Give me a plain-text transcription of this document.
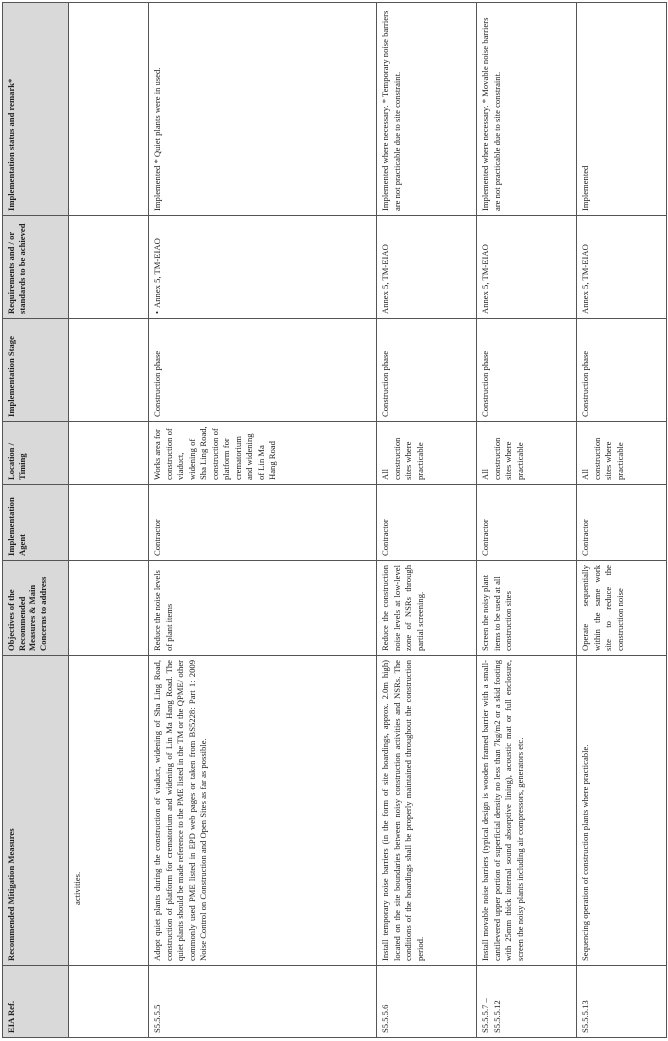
EIA Ref.	Recommended Mitigation Measures	Objectives of the Recommended Measures & Main Concerns to address	Implementation Agent	Location / Timing	Implementation Stage	Requirements and / or standards to be achieved	Implementation status and remark*
	activities.						
S5.5.5.5	Adopt quiet plants during the construction of viaduct, widening of Sha Ling Road, construction of platform for crematorium and widening of Lin Ma Hang Road. The quiet plants should be made reference to the PME listed in the TM or the QPME/ other commonly used PME listed in EPD web pages or taken from BS5228: Part 1: 2009 Noise Control on Construction and Open Sites as far as possible.	Reduce the noise levels of plant items	Contractor	Works area for construction of viaduct, widening of Sha Ling Road, construction of platform for crematorium and widening of Lin Ma Hang Road	Construction phase	• Annex 5, TM-EIAO	Implemented * Quiet plants were in used.
S5.5.5.6	Install temporary noise barriers (in the form of site hoardings, approx. 2.0m high) located on the site boundaries between noisy construction activities and NSRs. The conditions of the hoardings shall be properly maintained throughout the construction period.	Reduce the construction noise levels at low-level zone of NSRs through partial screening.	Contractor	All construction sites where practicable	Construction phase	Annex 5, TM-EIAO	Implemented where necessary. * Temporary noise barriers are not practicable due to site constraint.
S5.5.5.7 – S5.5.5.12	Install movable noise barriers (typical design is wooden framed barrier with a small-cantilevered upper portion of superficial density no less than 7kg/m2 or a skid footing with 25mm thick internal sound absorptive lining), acoustic mat or full enclosure, screen the noisy plants including air compressors, generators etc.	Screen the noisy plant items to be used at all construction sites	Contractor	All construction sites where practicable	Construction phase	Annex 5, TM-EIAO	Implemented where necessary. * Movable noise barriers are not practicable due to site constraint.
S5.5.5.13	Sequencing operation of construction plants where practicable.	Operate sequentially within the same work site to reduce the construction noise	Contractor	All construction sites where practicable	Construction phase	Annex 5, TM-EIAO	Implemented
